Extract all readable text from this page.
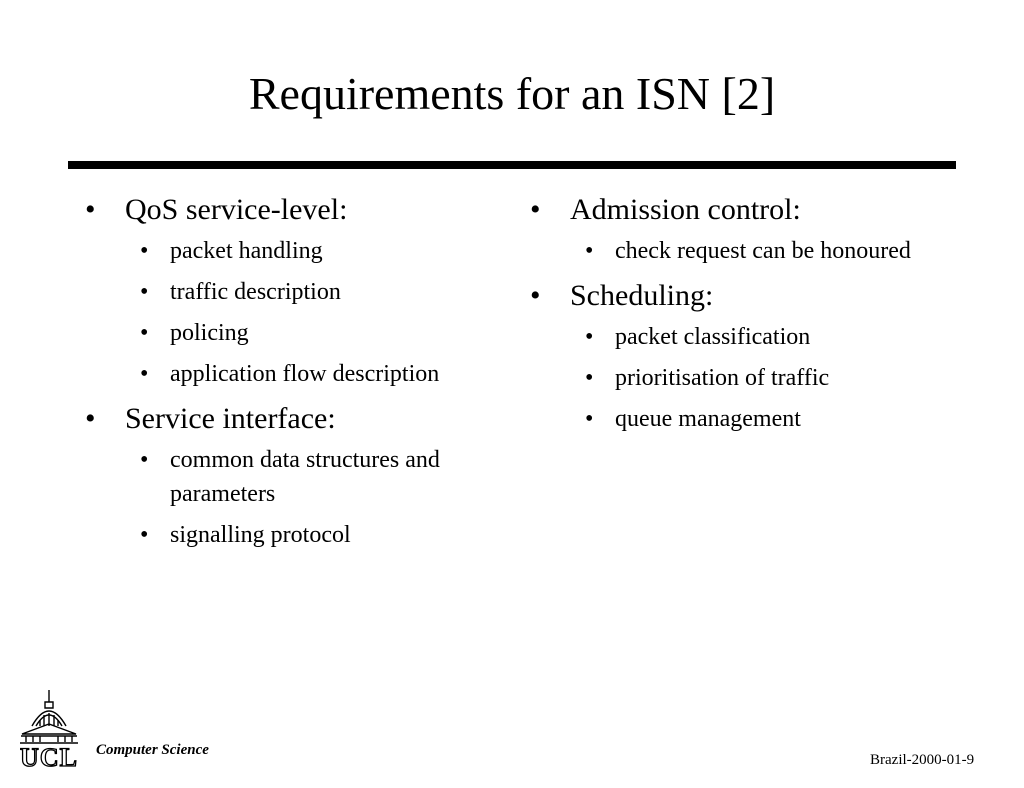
Requirements for an ISN [2]
• QoS service-level:
• packet handling
• traffic description
• policing
• application flow description
• Service interface:
• common data structures and parameters
• signalling protocol
• Admission control:
• check request can be honoured
• Scheduling:
• packet classification
• prioritisation of traffic
• queue management
UCL Computer Science
Brazil-2000-01-9
